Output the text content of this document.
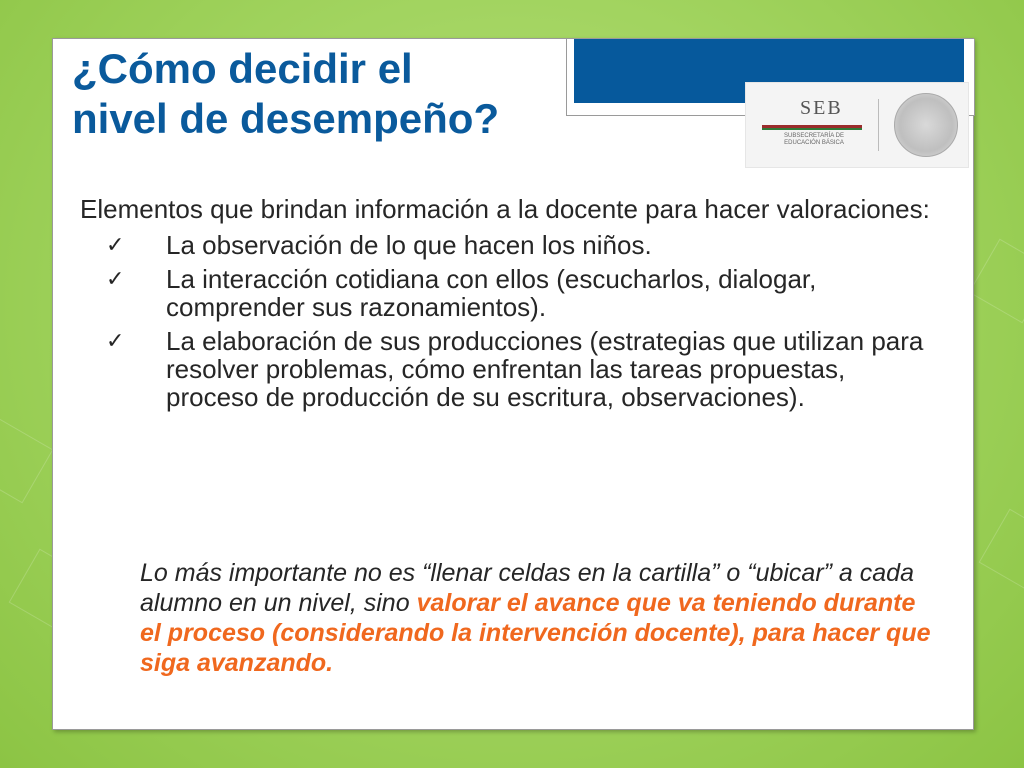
¿Cómo decidir el
nivel de desempeño?	SEB
SUBSECRETARÍA DE EDUCACIÓN BÁSICA

Elementos que brindan información a la docente para hacer valoraciones:

✓ La observación de lo que hacen los niños.
✓ La interacción cotidiana con ellos (escucharlos, dialogar, comprender sus razonamientos).
✓ La elaboración de sus producciones (estrategias que utilizan para resolver problemas, cómo enfrentan las tareas propuestas, proceso de producción de su escritura, observaciones).

Lo más importante no es “llenar celdas en la cartilla” o “ubicar” a cada alumno en un nivel, sino valorar el avance que va teniendo durante el proceso (considerando la intervención docente), para hacer que siga avanzando.
